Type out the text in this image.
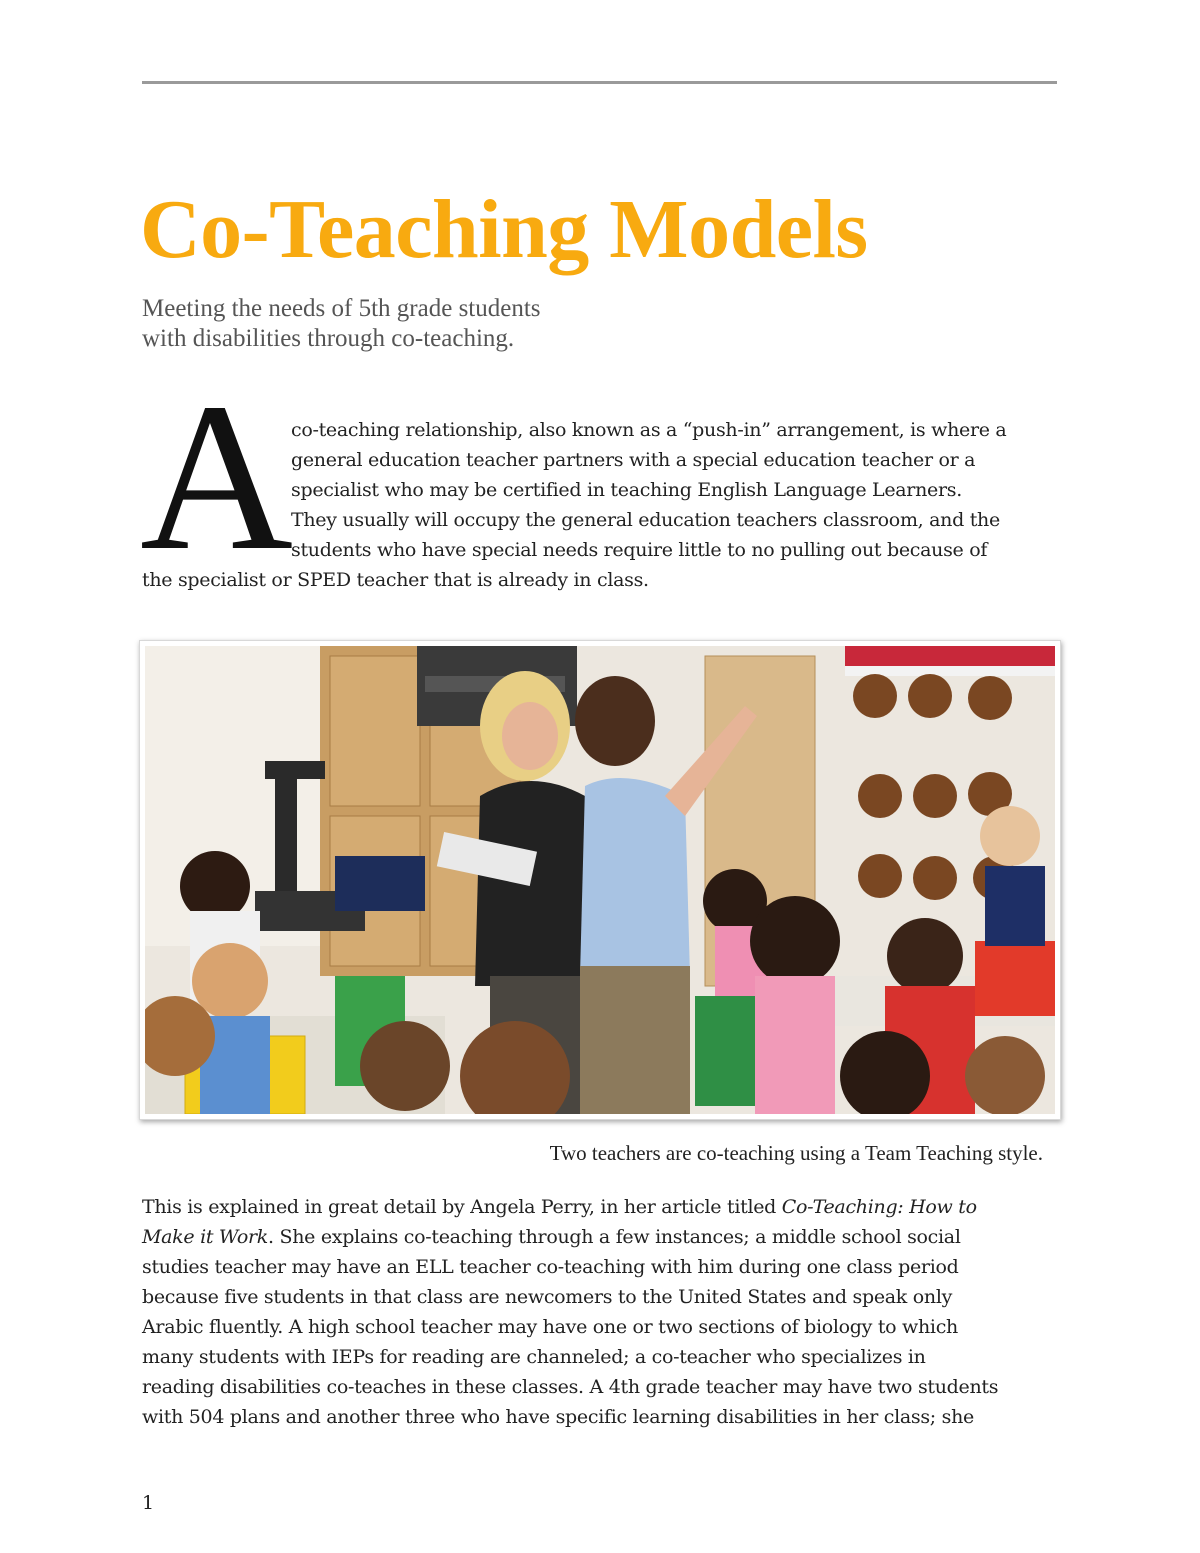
Co-Teaching Models
Meeting the needs of 5th grade students
with disabilities through co-teaching.
A
co-teaching relationship, also known as a “push-in” arrangement, is where a
general education teacher partners with a special education teacher or a
specialist who may be certified in teaching English Language Learners.
They usually will occupy the general education teachers classroom, and the
students who have special needs require little to no pulling out because of
the specialist or SPED teacher that is already in class.
Two teachers are co-teaching using a Team Teaching style.
This is explained in great detail by Angela Perry, in her article titled Co-Teaching: How to
Make it Work. She explains co-teaching through a few instances; a middle school social
studies teacher may have an ELL teacher co-teaching with him during one class period
because five students in that class are newcomers to the United States and speak only
Arabic fluently. A high school teacher may have one or two sections of biology to which
many students with IEPs for reading are channeled; a co-teacher who specializes in
reading disabilities co-teaches in these classes. A 4th grade teacher may have two students
with 504 plans and another three who have specific learning disabilities in her class; she
1
